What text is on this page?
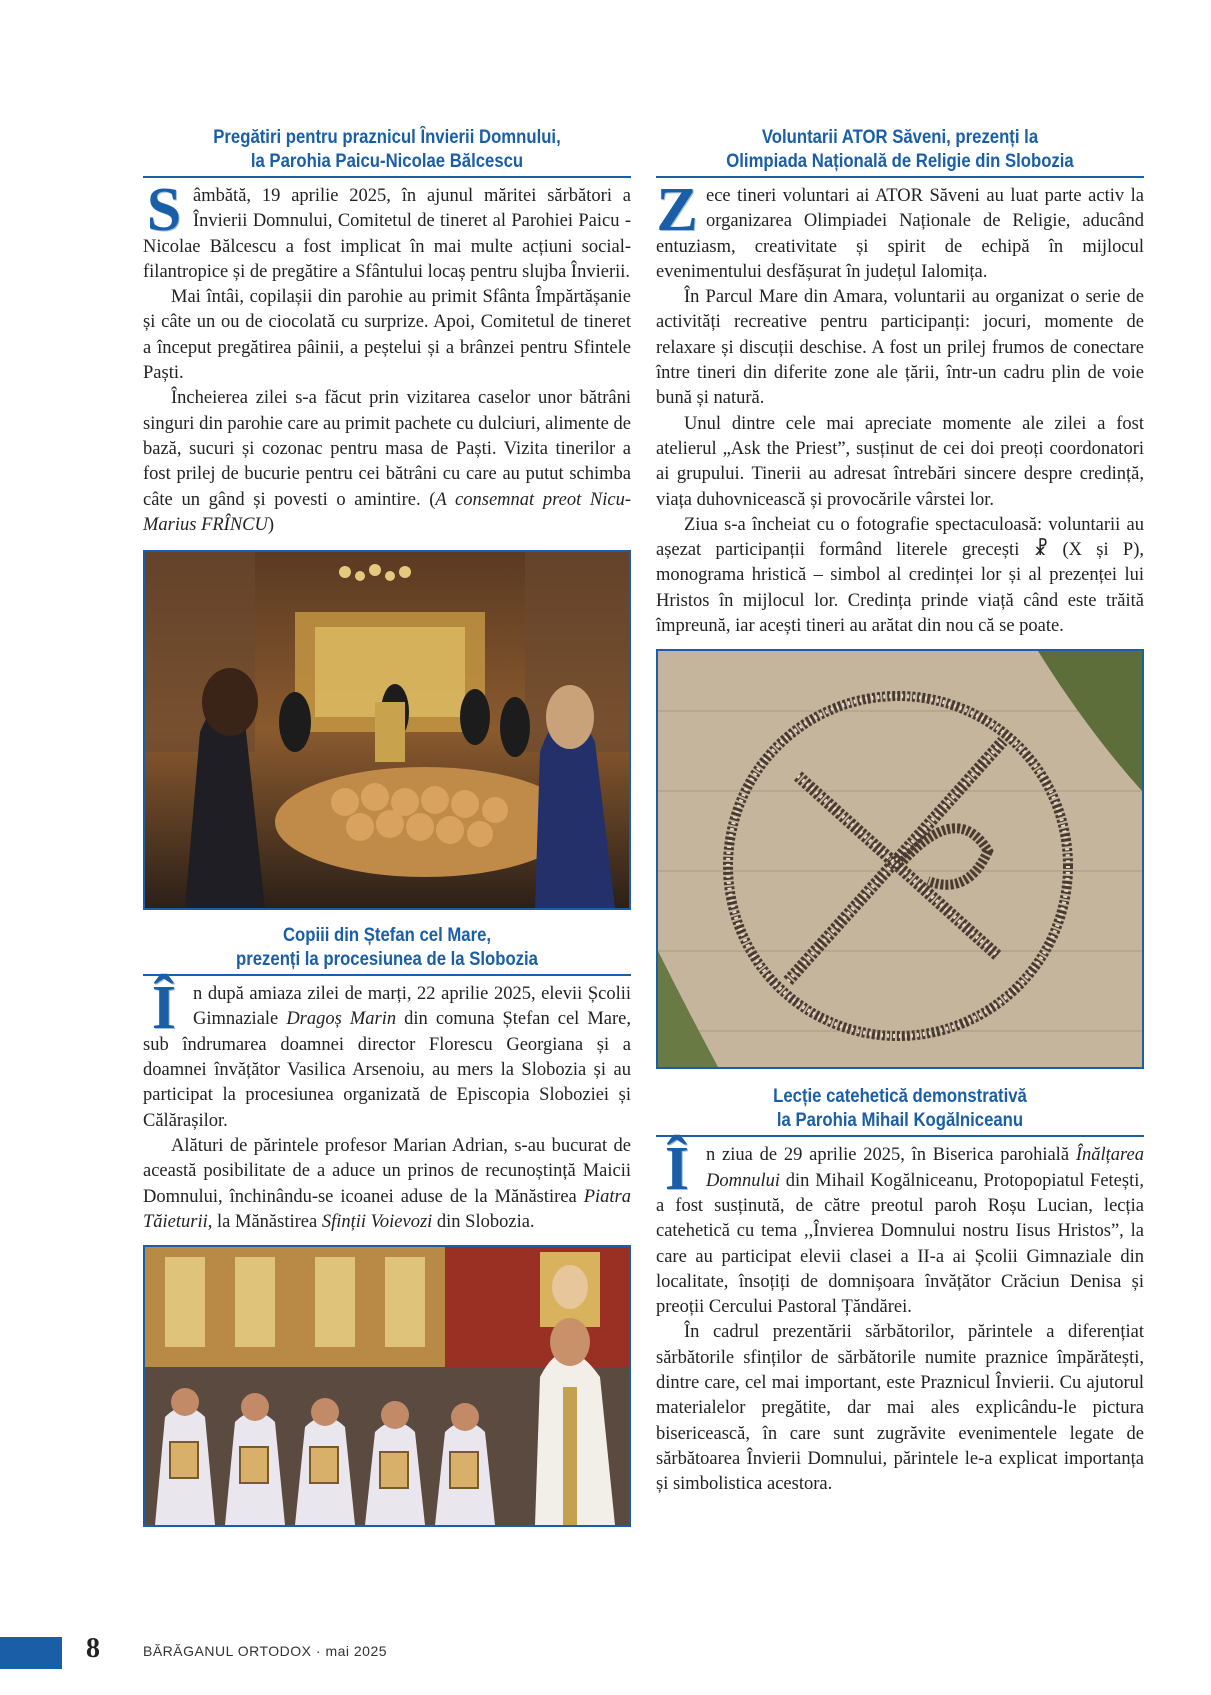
Pregătiri pentru praznicul Învierii Domnului,
la Parohia Paicu-Nicolae Bălcescu

Sâmbătă, 19 aprilie 2025, în ajunul măritei sărbători a Învierii Domnului, Comitetul de tineret al Parohiei Paicu - Nicolae Bălcescu a fost implicat în mai multe acțiuni social-filantropice și de pregătire a Sfântului locaș pentru slujba Învierii.

Mai întâi, copilașii din parohie au primit Sfânta Împărtășanie și câte un ou de ciocolată cu surprize. Apoi, Comitetul de tineret a început pregătirea pâinii, a peștelui și a brânzei pentru Sfintele Paști.

Încheierea zilei s-a făcut prin vizitarea caselor unor bătrâni singuri din parohie care au primit pachete cu dulciuri, alimente de bază, sucuri și cozonac pentru masa de Paști. Vizita tinerilor a fost prilej de bucurie pentru cei bătrâni cu care au putut schimba câte un gând și povesti o amintire. (A consemnat preot Nicu-Marius FRÎNCU)

Copiii din Ștefan cel Mare,
prezenți la procesiunea de la Slobozia

În după amiaza zilei de marți, 22 aprilie 2025, elevii Școlii Gimnaziale Dragoș Marin din comuna Ștefan cel Mare, sub îndrumarea doamnei director Florescu Georgiana și a doamnei învățător Vasilica Arsenoiu, au mers la Slobozia și au participat la procesiunea organizată de Episcopia Sloboziei și Călărașilor.

Alături de părintele profesor Marian Adrian, s-au bucurat de această posibilitate de a aduce un prinos de recunoștință Maicii Domnului, închinându-se icoanei aduse de la Mănăstirea Piatra Tăieturii, la Mănăstirea Sfinții Voievozi din Slobozia.

Voluntarii ATOR Săveni, prezenți la
Olimpiada Națională de Religie din Slobozia

Zece tineri voluntari ai ATOR Săveni au luat parte activ la organizarea Olimpiadei Naționale de Religie, aducând entuziasm, creativitate și spirit de echipă în mijlocul evenimentului desfășurat în județul Ialomița.

În Parcul Mare din Amara, voluntarii au organizat o serie de activități recreative pentru participanți: jocuri, momente de relaxare și discuții deschise. A fost un prilej frumos de conectare între tineri din diferite zone ale țării, într-un cadru plin de voie bună și natură.

Unul dintre cele mai apreciate momente ale zilei a fost atelierul „Ask the Priest”, susținut de cei doi preoți coordonatori ai grupului. Tinerii au adresat întrebări sincere despre credință, viața duhovnicească și provocările vârstei lor.

Ziua s-a încheiat cu o fotografie spectaculoasă: voluntarii au așezat participanții formând literele grecești ☧ (X și P), monograma hristică – simbol al credinței lor și al prezenței lui Hristos în mijlocul lor. Credința prinde viață când este trăită împreună, iar acești tineri au arătat din nou că se poate.

Lecție catehetică demonstrativă
la Parohia Mihail Kogălniceanu

În ziua de 29 aprilie 2025, în Biserica parohială Înălțarea Domnului din Mihail Kogălniceanu, Protopopiatul Fetești, a fost susținută, de către preotul paroh Roșu Lucian, lecția catehetică cu tema ,,Învierea Domnului nostru Iisus Hristos”, la care au participat elevii clasei a II-a ai Școlii Gimnaziale din localitate, însoțiți de domnișoara învățător Crăciun Denisa și preoții Cercului Pastoral Țăndărei.

În cadrul prezentării sărbătorilor, părintele a diferențiat sărbătorile sfinților de sărbătorile numite praznice împărătești, dintre care, cel mai important, este Praznicul Învierii. Cu ajutorul materialelor pregătite, dar mai ales explicându-le pictura bisericească, în care sunt zugrăvite evenimentele legate de sărbătoarea Învierii Domnului, părintele le-a explicat importanța și simbolistica acestora.

8	BĂRĂGANUL ORTODOX · mai 2025
